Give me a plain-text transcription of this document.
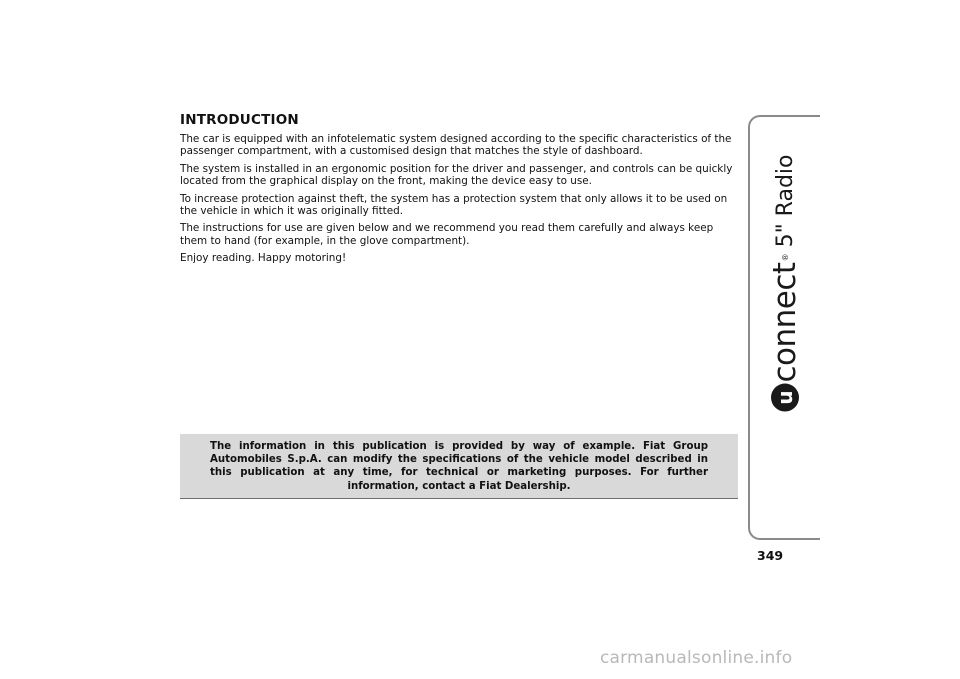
INTRODUCTION

The car is equipped with an infotelematic system designed according to the specific characteristics of the passenger compartment, with a customised design that matches the style of dashboard.

The system is installed in an ergonomic position for the driver and passenger, and controls can be quickly located from the graphical display on the front, making the device easy to use.

To increase protection against theft, the system has a protection system that only allows it to be used on the vehicle in which it was originally fitted.

The instructions for use are given below and we recommend you read them carefully and always keep them to hand (for example, in the glove compartment).

Enjoy reading. Happy motoring!

The information in this publication is provided by way of example. Fiat Group Automobiles S.p.A. can modify the specifications of the vehicle model described in this publication at any time, for technical or marketing purposes. For further information, contact a Fiat Dealership.
u
connect
®
5" Radio
349
carmanualsonline.info
